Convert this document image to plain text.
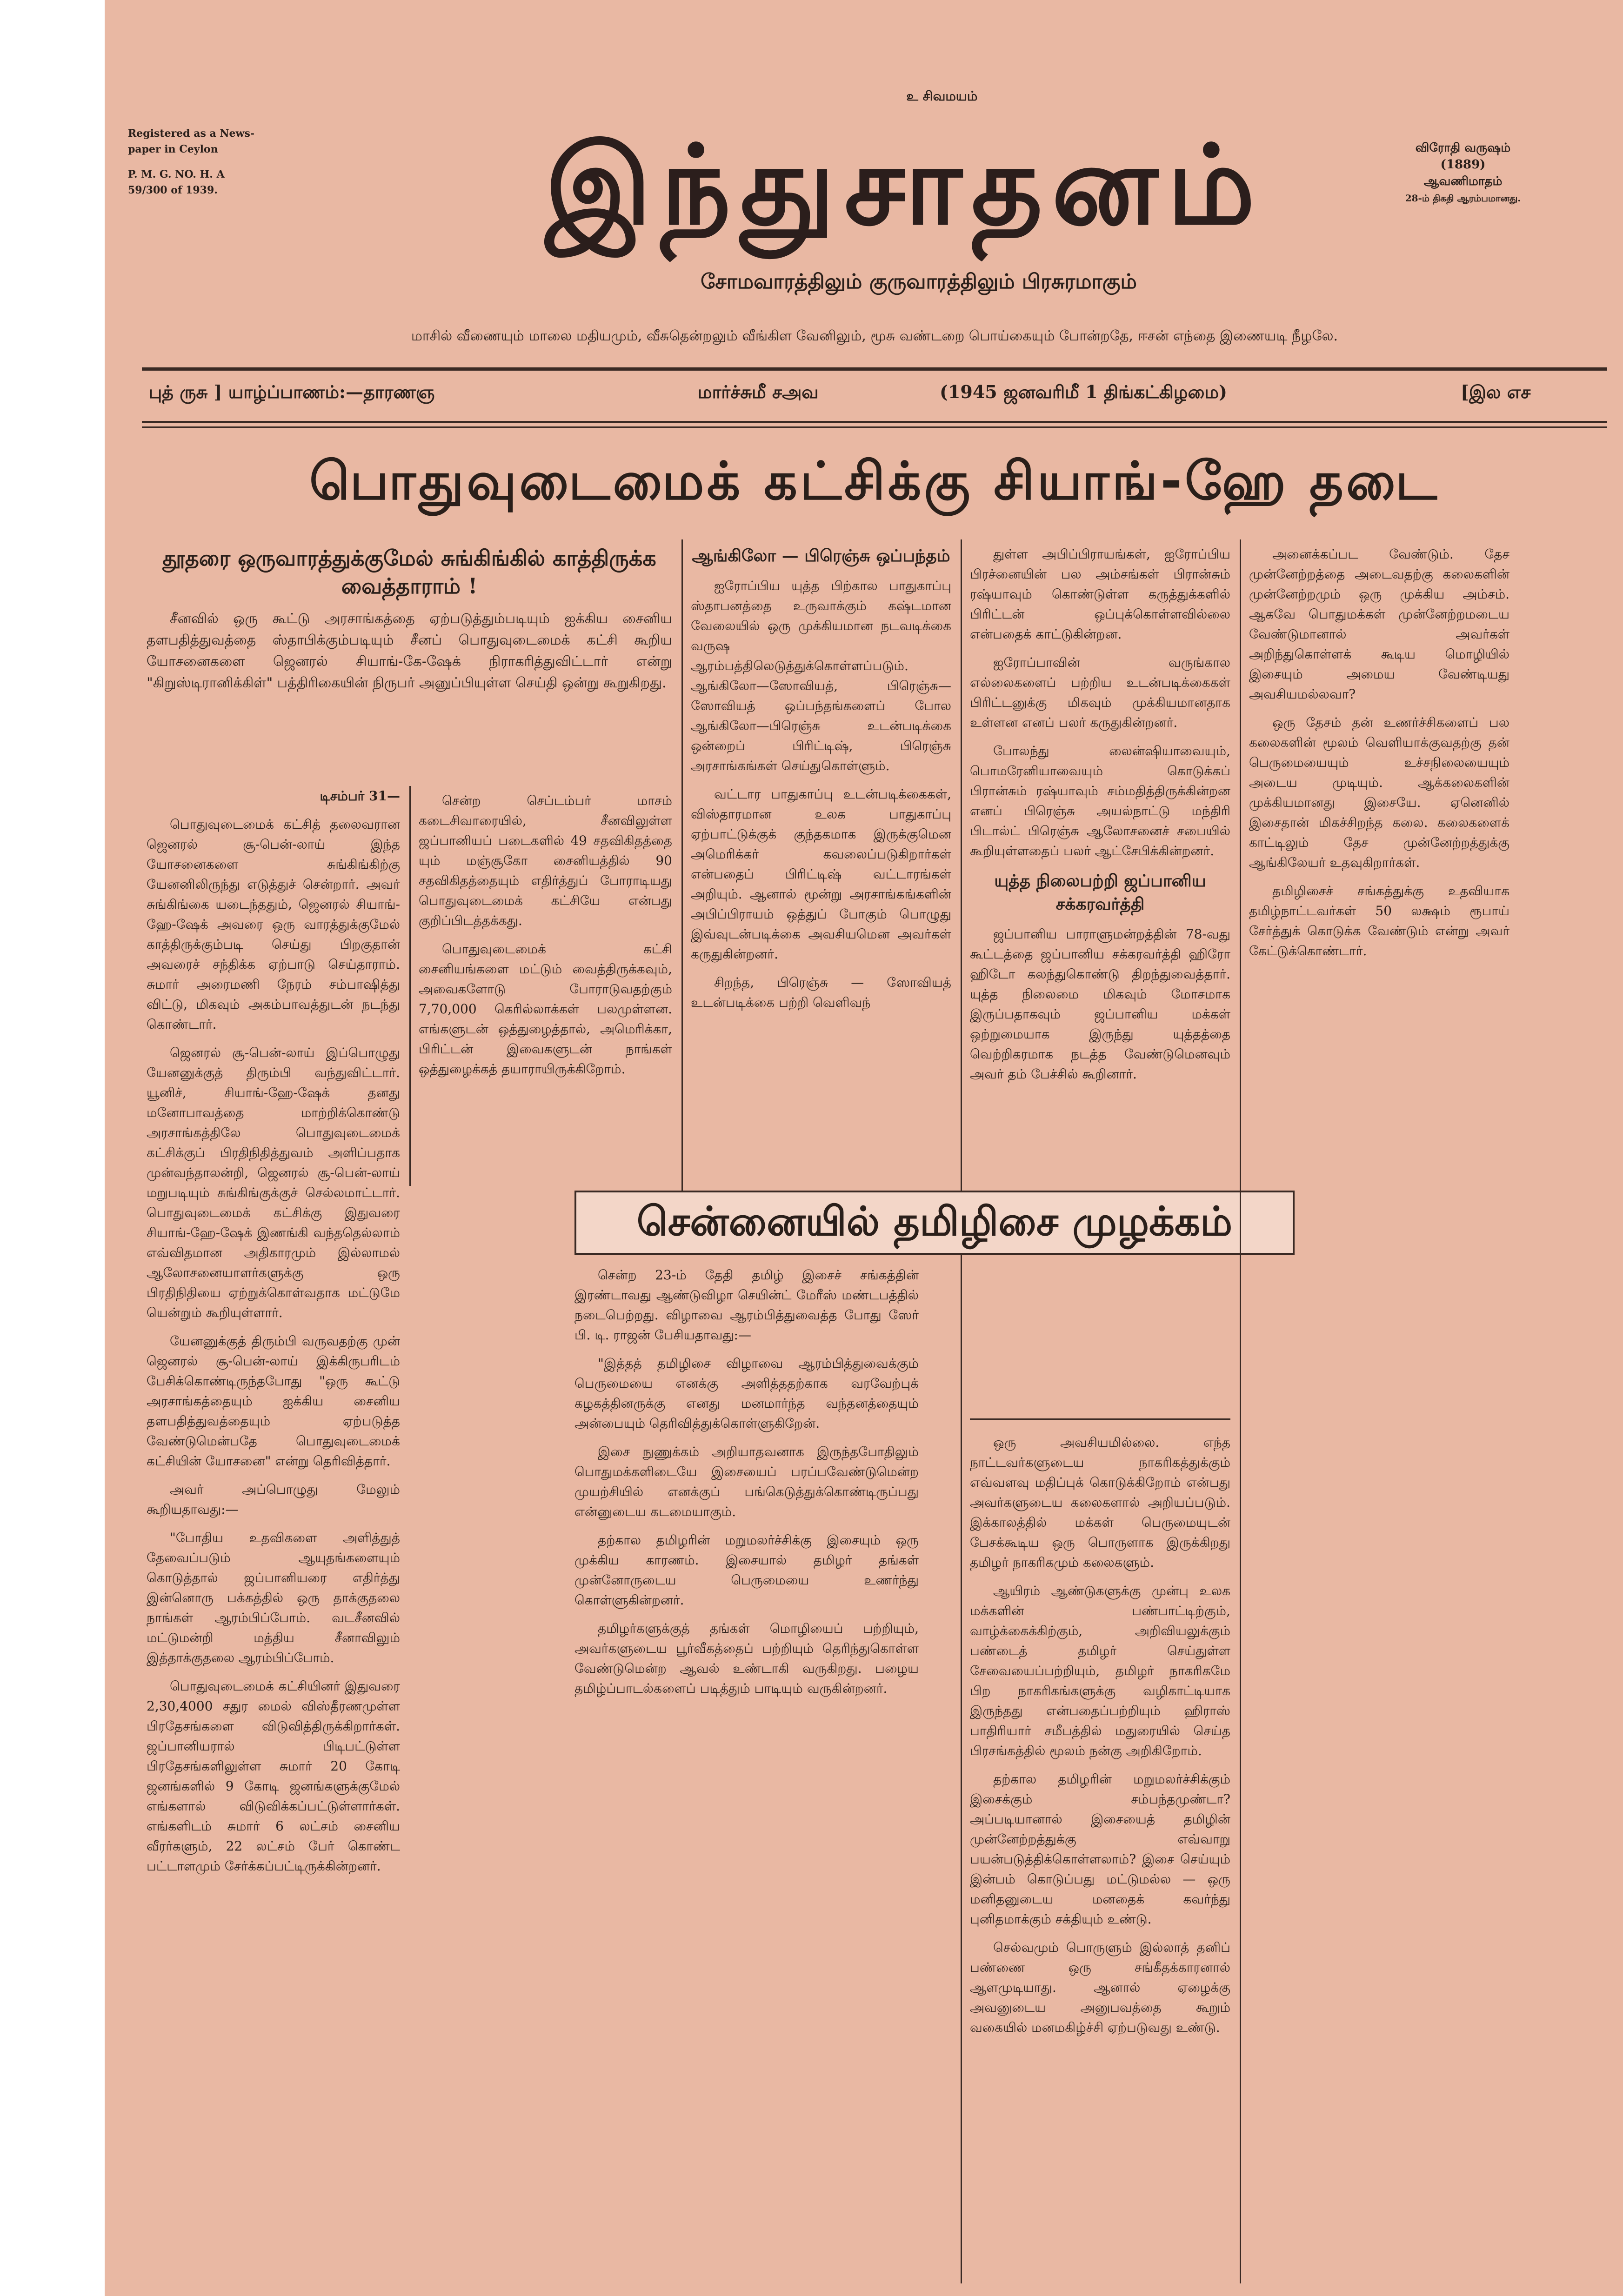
உ சிவமயம்
Registered as a News-
paper in Ceylon
P. M. G. NO. H. A
59/300 of 1939.	இந்துசாதனம்	விரோதி வருஷம்
(1889)
ஆவணிமாதம்
28-ம் திகதி ஆரம்பமானது.
சோமவாரத்திலும் குருவாரத்திலும் பிரசுரமாகும்
மாசில் வீணையும் மாலை மதியமும், வீசுதென்றலும் வீங்கிள வேனிலும், மூசு வண்டறை பொய்கையும் போன்றதே, ஈசன் எந்தை இணையடி நீழலே.
புத் ருசு ] யாழ்ப்பாணம்:—தாரணஞ	மார்ச்சுமீ சஅவ	(1945 ஜனவரிமீ 1 திங்கட்கிழமை)	[இல எச
பொதுவுடைமைக் கட்சிக்கு சியாங்-ஹே தடை

தூதரை ஒருவாரத்துக்குமேல் சுங்கிங்கில் காத்திருக்க வைத்தாராம் !

சீனவில் ஒரு கூட்டு அரசாங்கத்தை ஏற்படுத்தும்படியும் ஐக்கிய சைனிய தளபதித்துவத்தை ஸ்தாபிக்கும்படியும் சீனப் பொதுவுடைமைக் கட்சி கூறிய யோசனைகளை ஜெனரல் சியாங்-கே-ஷேக் நிராகரித்துவிட்டார் என்று "கிறுஸ்டிரானிக்கிள்" பத்திரிகையின் நிருபர் அனுப்பியுள்ள செய்தி ஒன்று கூறுகிறது.

டிசம்பர் 31—

பொதுவுடைமைக் கட்சித் தலைவரான ஜெனரல் சூ-பென்-லாய் இந்த யோசனைகளை சுங்கிங்கிற்கு யேனனிலிருந்து எடுத்துச் சென்றார். அவர் சுங்கிங்கை யடைந்ததும், ஜெனரல் சியாங்-ஹே-ஷேக் அவரை ஒரு வாரத்துக்குமேல் காத்திருக்கும்படி செய்து பிறகுதான் அவரைச் சந்திக்க ஏற்பாடு செய்தாராம். சுமார் அரைமணி நேரம் சம்பாஷித்து விட்டு, மிகவும் அகம்பாவத்துடன் நடந்து கொண்டார்.

ஜெனரல் சூ-பென்-லாய் இப்பொழுது யேனனுக்குத் திரும்பி வந்துவிட்டார். யூனிச், சியாங்-ஹே-ஷேக் தனது மனோபாவத்தை மாற்றிக்கொண்டு அரசாங்கத்திலே பொதுவுடைமைக் கட்சிக்குப் பிரதிநிதித்துவம் அளிப்பதாக முன்வந்தாலன்றி, ஜெனரல் சூ-பென்-லாய் மறுபடியும் சுங்கிங்குக்குச் செல்லமாட்டார். பொதுவுடைமைக் கட்சிக்கு இதுவரை சியாங்-ஹே-ஷேக் இணங்கி வந்ததெல்லாம் எவ்விதமான அதிகாரமும் இல்லாமல் ஆலோசனையாளர்களுக்கு ஒரு பிரதிநிதியை ஏற்றுக்கொள்வதாக மட்டுமே யென்றும் கூறியுள்ளார்.

யேனனுக்குத் திரும்பி வருவதற்கு முன் ஜெனரல் சூ-பென்-லாய் இக்கிருபரிடம் பேசிக்கொண்டிருந்தபோது "ஒரு கூட்டு அரசாங்கத்தையும் ஐக்கிய சைனிய தளபதித்துவத்தையும் ஏற்படுத்த வேண்டுமென்பதே பொதுவுடைமைக் கட்சியின் யோசனை" என்று தெரிவித்தார்.

அவர் அப்பொழுது மேலும் கூறியதாவது:—

"போதிய உதவிகளை அளித்துத் தேவைப்படும் ஆயுதங்களையும் கொடுத்தால் ஜப்பானியரை எதிர்த்து இன்னொரு பக்கத்தில் ஒரு தாக்குதலை நாங்கள் ஆரம்பிப்போம். வடசீனவில் மட்டுமன்றி மத்திய சீனாவிலும் இத்தாக்குதலை ஆரம்பிப்போம்.

பொதுவுடைமைக் கட்சியினர் இதுவரை 2,30,4000 சதுர மைல் விஸ்தீரணமுள்ள பிரதேசங்களை விடுவித்திருக்கிறார்கள். ஜப்பானியரால் பிடிபட்டுள்ள பிரதேசங்களிலுள்ள சுமார் 20 கோடி ஜனங்களில் 9 கோடி ஜனங்களுக்குமேல் எங்களால் விடுவிக்கப்பட்டுள்ளார்கள். எங்களிடம் சுமார் 6 லட்சம் சைனிய வீரர்களும், 22 லட்சம் பேர் கொண்ட பட்டாளமும் சேர்க்கப்பட்டிருக்கின்றனர்.

சென்ற செப்டம்பர் மாசம் கடைசிவாரையில், சீனவிலுள்ள ஜப்பானியப் படைகளில் 49 சதவிகிதத்தை யும் மஞ்சூகோ சைனியத்தில் 90 சதவிகிதத்தையும் எதிர்த்துப் போராடியது பொதுவுடைமைக் கட்சியே என்பது குறிப்பிடத்தக்கது.

பொதுவுடைமைக் கட்சி சைனியங்களை மட்டும் வைத்திருக்கவும், அவைகளோடு போராடுவதற்கும் 7,70,000 கெரில்லாக்கள் பலமுள்ளன. எங்களுடன் ஒத்துழைத்தால், அமெரிக்கா, பிரிட்டன் இவைகளுடன் நாங்கள் ஒத்துழைக்கத் தயாராயிருக்கிறோம்.

ஆங்கிலோ — பிரெஞ்சு ஒப்பந்தம்

ஐரோப்பிய யுத்த பிற்கால பாதுகாப்பு ஸ்தாபனத்தை உருவாக்கும் கஷ்டமான வேலையில் ஒரு முக்கியமான நடவடிக்கை வருஷ ஆரம்பத்திலெடுத்துக்கொள்ளப்படும். ஆங்கிலோ—ஸோவியத், பிரெஞ்சு—ஸோவியத் ஒப்பந்தங்களைப் போல ஆங்கிலோ—பிரெஞ்சு உடன்படிக்கை ஒன்றைப் பிரிட்டிஷ், பிரெஞ்சு அரசாங்கங்கள் செய்துகொள்ளும்.

வட்டார பாதுகாப்பு உடன்படிக்கைகள், விஸ்தாரமான உலக பாதுகாப்பு ஏற்பாட்டுக்குக் குந்தகமாக இருக்குமென அமெரிக்கர் கவலைப்படுகிறார்கள் என்பதைப் பிரிட்டிஷ் வட்டாரங்கள் அறியும். ஆனால் மூன்று அரசாங்கங்களின் அபிப்பிராயம் ஒத்துப் போகும் பொழுது இவ்வுடன்படிக்கை அவசியமென அவர்கள் கருதுகின்றனர்.

சிறந்த, பிரெஞ்சு — ஸோவியத் உடன்படிக்கை பற்றி வெளிவந்

துள்ள அபிப்பிராயங்கள், ஐரோப்பிய பிரச்னையின் பல அம்சங்கள் பிரான்சும் ரஷ்யாவும் கொண்டுள்ள கருத்துக்களில் பிரிட்டன் ஒப்புக்கொள்ளவில்லை என்பதைக் காட்டுகின்றன.

ஐரோப்பாவின் வருங்கால எல்லைகளைப் பற்றிய உடன்படிக்கைகள் பிரிட்டனுக்கு மிகவும் முக்கியமானதாக உள்ளன எனப் பலர் கருதுகின்றனர்.

போலந்து லைன்ஷியாவையும், பொமரேனியாவையும் கொடுக்கப் பிரான்சும் ரஷ்யாவும் சம்மதித்திருக்கின்றன எனப் பிரெஞ்சு அயல்நாட்டு மந்திரி பிடால்ட் பிரெஞ்சு ஆலோசனைச் சபையில் கூறியுள்ளதைப் பலர் ஆட்சேபிக்கின்றனர்.

யுத்த நிலைபற்றி ஜப்பானிய சக்கரவர்த்தி

ஜப்பானிய பாராளுமன்றத்தின் 78-வது கூட்டத்தை ஜப்பானிய சக்கரவர்த்தி ஹிரோ ஹிடோ கலந்துகொண்டு திறந்துவைத்தார். யுத்த நிலைமை மிகவும் மோசமாக இருப்பதாகவும் ஜப்பானிய மக்கள் ஒற்றுமையாக இருந்து யுத்தத்தை வெற்றிகரமாக நடத்த வேண்டுமெனவும் அவர் தம் பேச்சில் கூறினார்.

சென்னையில் தமிழிசை முழக்கம்

சென்ற 23-ம் தேதி தமிழ் இசைச் சங்கத்தின் இரண்டாவது ஆண்டுவிழா செயின்ட் மேரீஸ் மண்டபத்தில் நடைபெற்றது. விழாவை ஆரம்பித்துவைத்த போது ஸேர் பி. டி. ராஜன் பேசியதாவது:—

"இத்தத் தமிழிசை விழாவை ஆரம்பித்துவைக்கும் பெருமையை எனக்கு அளித்ததற்காக வரவேற்புக் கழகத்தினருக்கு எனது மனமார்ந்த வந்தனத்தையும் அன்பையும் தெரிவித்துக்கொள்ளுகிறேன்.

இசை நுணுக்கம் அறியாதவனாக இருந்தபோதிலும் பொதுமக்களிடையே இசையைப் பரப்பவேண்டுமென்ற முயற்சியில் எனக்குப் பங்கெடுத்துக்கொண்டிருப்பது என்னுடைய கடமையாகும்.

தற்கால தமிழரின் மறுமலர்ச்சிக்கு இசையும் ஒரு முக்கிய காரணம். இசையால் தமிழர் தங்கள் முன்னோருடைய பெருமையை உணர்ந்து கொள்ளுகின்றனர்.

தமிழர்களுக்குத் தங்கள் மொழியைப் பற்றியும், அவர்களுடைய பூர்வீகத்தைப் பற்றியும் தெரிந்துகொள்ள வேண்டுமென்ற ஆவல் உண்டாகி வருகிறது. பழைய தமிழ்ப்பாடல்களைப் படித்தும் பாடியும் வருகின்றனர்.

ஒரு அவசியமில்லை. எந்த நாட்டவர்களுடைய நாகரிகத்துக்கும் எவ்வளவு மதிப்புக் கொடுக்கிறோம் என்பது அவர்களுடைய கலைகளால் அறியப்படும். இக்காலத்தில் மக்கள் பெருமையுடன் பேசக்கூடிய ஒரு பொருளாக இருக்கிறது தமிழர் நாகரிகமும் கலைகளும்.

ஆயிரம் ஆண்டுகளுக்கு முன்பு உலக மக்களின் பண்பாட்டிற்கும், வாழ்க்கைக்கிற்கும், அறிவியலுக்கும் பண்டைத் தமிழர் செய்துள்ள சேவையைப்பற்றியும், தமிழர் நாகரிகமே பிற நாகரிகங்களுக்கு வழிகாட்டியாக இருந்தது என்பதைப்பற்றியும் ஹிராஸ் பாதிரியார் சமீபத்தில் மதுரையில் செய்த பிரசங்கத்தில் மூலம் நன்கு அறிகிறோம்.

தற்கால தமிழரின் மறுமலர்ச்சிக்கும் இசைக்கும் சம்பந்தமுண்டா? அப்படியானால் இசையைத் தமிழின் முன்னேற்றத்துக்கு எவ்வாறு பயன்படுத்திக்கொள்ளலாம்? இசை செய்யும் இன்பம் கொடுப்பது மட்டுமல்ல — ஒரு மனிதனுடைய மனதைக் கவர்ந்து புனிதமாக்கும் சக்தியும் உண்டு.

செல்வமும் பொருளும் இல்லாத் தனிப் பண்ணை ஒரு சங்கீதக்காரனால் ஆளமுடியாது. ஆனால் ஏழைக்கு அவனுடைய அனுபவத்தை கூறும் வகையில் மனமகிழ்ச்சி ஏற்படுவது உண்டு.

அனைக்கப்பட வேண்டும். தேச முன்னேற்றத்தை அடைவதற்கு கலைகளின் முன்னேற்றமும் ஒரு முக்கிய அம்சம். ஆகவே பொதுமக்கள் முன்னேற்றமடைய வேண்டுமானால் அவர்கள் அறிந்துகொள்ளக் கூடிய மொழியில் இசையும் அமைய வேண்டியது அவசியமல்லவா?

ஒரு தேசம் தன் உணர்ச்சிகளைப் பல கலைகளின் மூலம் வெளியாக்குவதற்கு தன் பெருமையையும் உச்சநிலையையும் அடைய முடியும். ஆக்கலைகளின் முக்கியமானது இசையே. ஏனெனில் இசைதான் மிகச்சிறந்த கலை. கலைகளைக் காட்டிலும் தேச முன்னேற்றத்துக்கு ஆங்கிலேயர் உதவுகிறார்கள்.

தமிழிசைச் சங்கத்துக்கு உதவியாக தமிழ்நாட்டவர்கள் 50 லக்ஷம் ரூபாய் சேர்த்துக் கொடுக்க வேண்டும் என்று அவர் கேட்டுக்கொண்டார்.
